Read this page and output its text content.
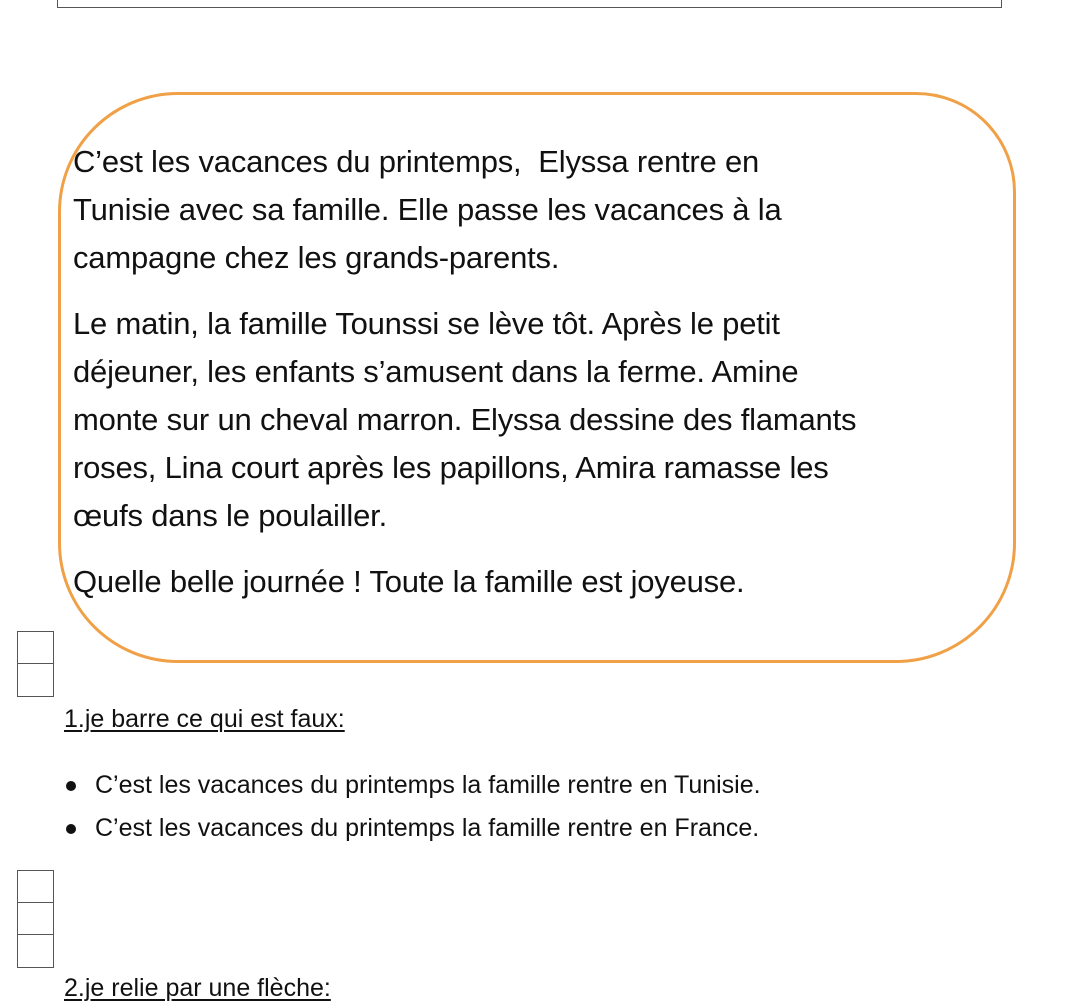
C’est les vacances du printemps,  Elyssa rentre en

Tunisie avec sa famille. Elle passe les vacances à la

campagne chez les grands-parents.

Le matin, la famille Tounssi se lève tôt. Après le petit

déjeuner, les enfants s’amusent dans la ferme. Amine

monte sur un cheval marron. Elyssa dessine des flamants

roses, Lina court après les papillons, Amira ramasse les

œufs dans le poulailler.

Quelle belle journée ! Toute la famille est joyeuse.

1.je barre ce qui est faux:
C’est les vacances du printemps la famille rentre en Tunisie.
C’est les vacances du printemps la famille rentre en France.
2.je relie par une flèche:
